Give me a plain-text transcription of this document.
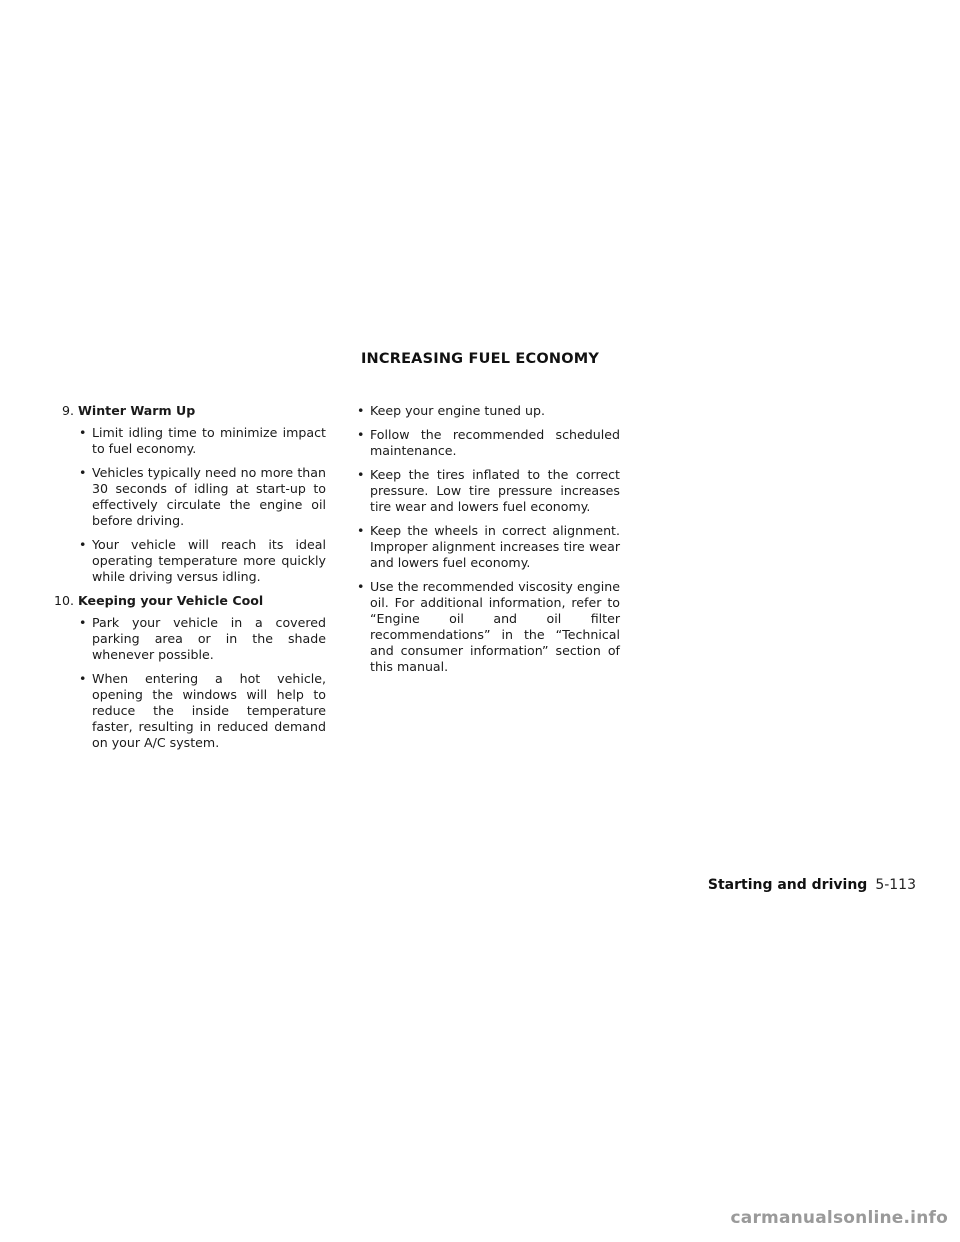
INCREASING FUEL ECONOMY
9. Winter Warm Up
• Limit idling time to minimize impact to fuel economy.
• Vehicles typically need no more than 30 seconds of idling at start-up to effectively circulate the engine oil before driving.
• Your vehicle will reach its ideal operating temperature more quickly while driving versus idling.
10. Keeping your Vehicle Cool
• Park your vehicle in a covered parking area or in the shade whenever possible.
• When entering a hot vehicle, opening the windows will help to reduce the inside temperature faster, resulting in reduced demand on your A/C system.
• Keep your engine tuned up.
• Follow the recommended scheduled maintenance.
• Keep the tires inflated to the correct pressure. Low tire pressure increases tire wear and lowers fuel economy.
• Keep the wheels in correct alignment. Improper alignment increases tire wear and lowers fuel economy.
• Use the recommended viscosity engine oil. For additional information, refer to “Engine oil and oil filter recommendations” in the “Technical and consumer information” section of this manual.
Starting and driving 5-113
carmanualsonline.info
